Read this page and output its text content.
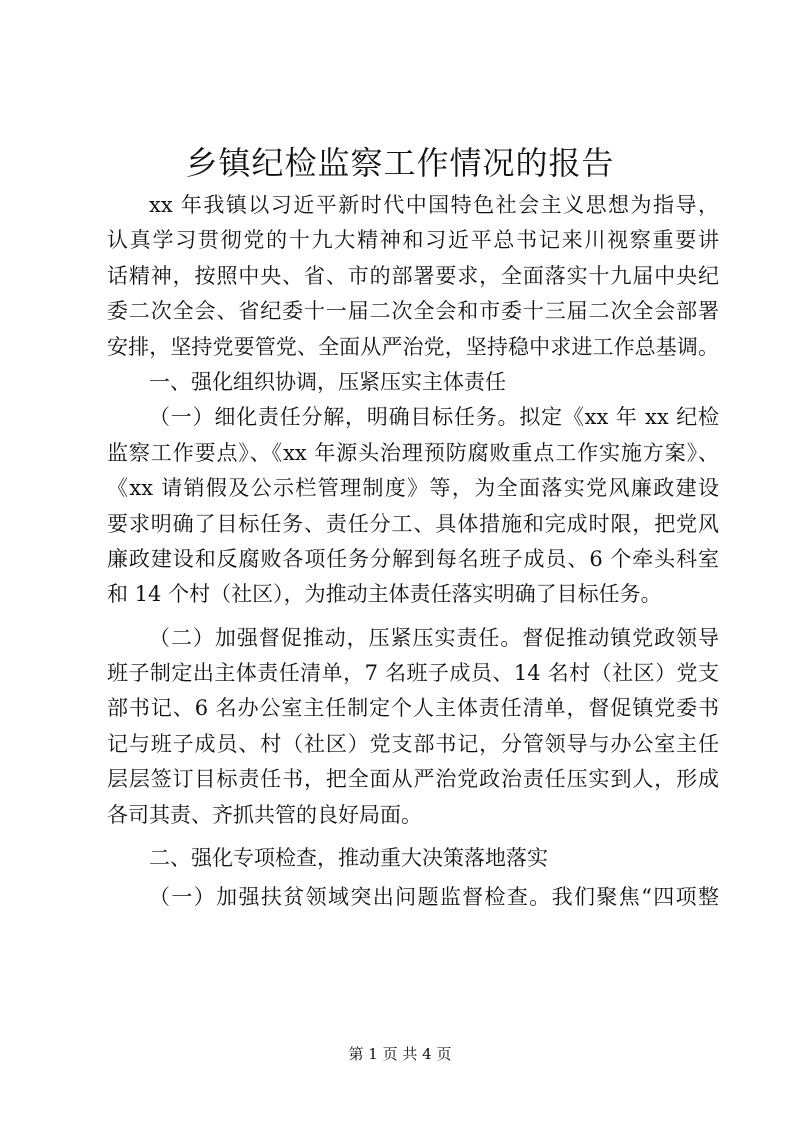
乡镇纪检监察工作情况的报告
xx 年我镇以习近平新时代中国特色社会主义思想为指导，
认真学习贯彻党的十九大精神和习近平总书记来川视察重要讲
话精神，按照中央、省、市的部署要求，全面落实十九届中央纪
委二次全会、省纪委十一届二次全会和市委十三届二次全会部署
安排，坚持党要管党、全面从严治党，坚持稳中求进工作总基调。
一、强化组织协调，压紧压实主体责任
（一）细化责任分解，明确目标任务。拟定《xx 年 xx 纪检
监察工作要点》、《xx 年源头治理预防腐败重点工作实施方案》、
《xx 请销假及公示栏管理制度》等，为全面落实党风廉政建设
要求明确了目标任务、责任分工、具体措施和完成时限，把党风
廉政建设和反腐败各项任务分解到每名班子成员、6 个牵头科室
和 14 个村（社区），为推动主体责任落实明确了目标任务。
（二）加强督促推动，压紧压实责任。督促推动镇党政领导
班子制定出主体责任清单，7 名班子成员、14 名村（社区）党支
部书记、6 名办公室主任制定个人主体责任清单，督促镇党委书
记与班子成员、村（社区）党支部书记，分管领导与办公室主任
层层签订目标责任书，把全面从严治党政治责任压实到人，形成
各司其责、齐抓共管的良好局面。
二、强化专项检查，推动重大决策落地落实
（一）加强扶贫领域突出问题监督检查。我们聚焦“四项整
第 1 页 共 4 页
